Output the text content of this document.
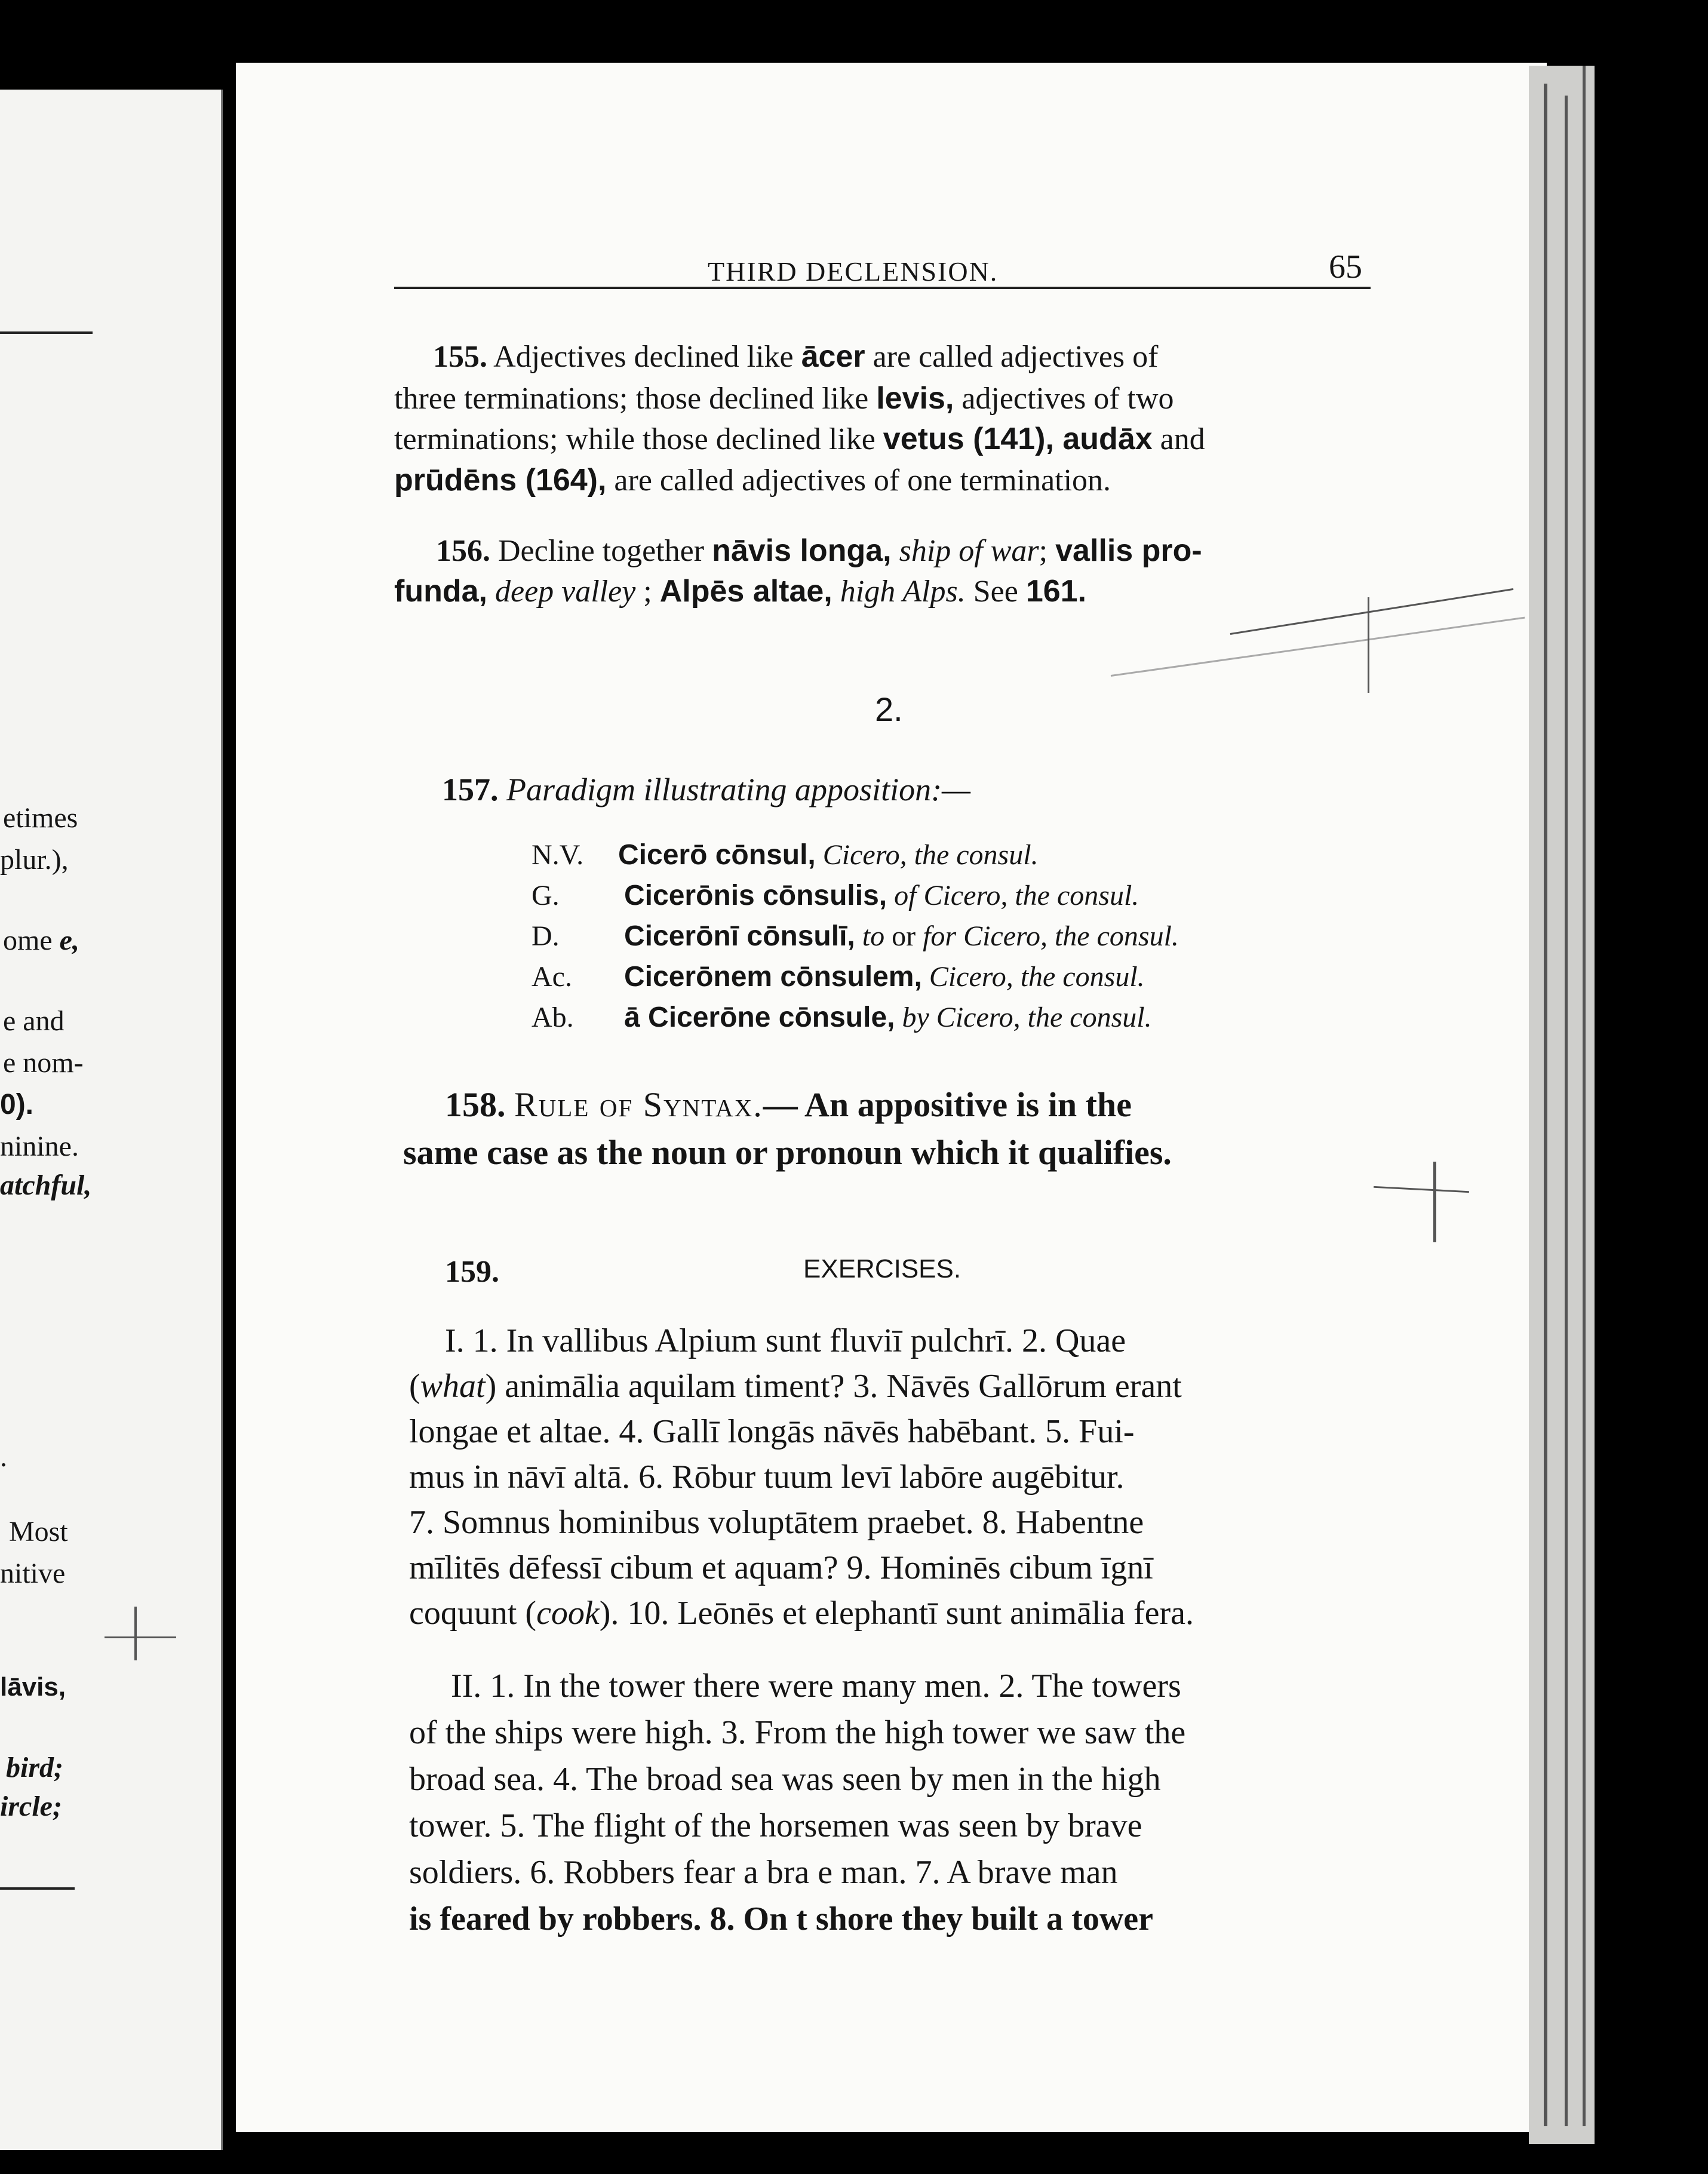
etimes
plur.),
ome e,
e and
e nom-
0).
ninine.
atchful,
.
Most
nitive
lāvis,
bird;
ircle;
THIRD DECLENSION.	65
155. Adjectives declined like ācer are called adjectives of
three terminations; those declined like levis, adjectives of two
terminations; while those declined like vetus (141), audāx and
prūdēns (164), are called adjectives of one termination.
156. Decline together nāvis longa, ship of war; vallis pro-
funda, deep valley ; Alpēs altae, high Alps. See 161.
2.
157. Paradigm illustrating apposition:—
N.V. Cicerō cōnsul, Cicero, the consul.
G. Cicerōnis cōnsulis, of Cicero, the consul.
D. Cicerōnī cōnsulī, to or for Cicero, the consul.
Ac. Cicerōnem cōnsulem, Cicero, the consul.
Ab. ā Cicerōne cōnsule, by Cicero, the consul.
158. Rule of Syntax.— An appositive is in the
same case as the noun or pronoun which it qualifies.
159.	EXERCISES.
I. 1. In vallibus Alpium sunt fluviī pulchrī. 2. Quae
(what) animālia aquilam timent? 3. Nāvēs Gallōrum erant
longae et altae. 4. Gallī longās nāvēs habēbant. 5. Fui-
mus in nāvī altā. 6. Rōbur tuum levī labōre augēbitur.
7. Somnus hominibus voluptātem praebet. 8. Habentne
mīlitēs dēfessī cibum et aquam? 9. Hominēs cibum īgnī
coquunt (cook). 10. Leōnēs et elephantī sunt animālia fera.
II. 1. In the tower there were many men. 2. The towers
of the ships were high. 3. From the high tower we saw the
broad sea. 4. The broad sea was seen by men in the high
tower. 5. The flight of the horsemen was seen by brave
soldiers. 6. Robbers fear a bra e man. 7. A brave man
is feared by robbers. 8. On t shore they built a tower
